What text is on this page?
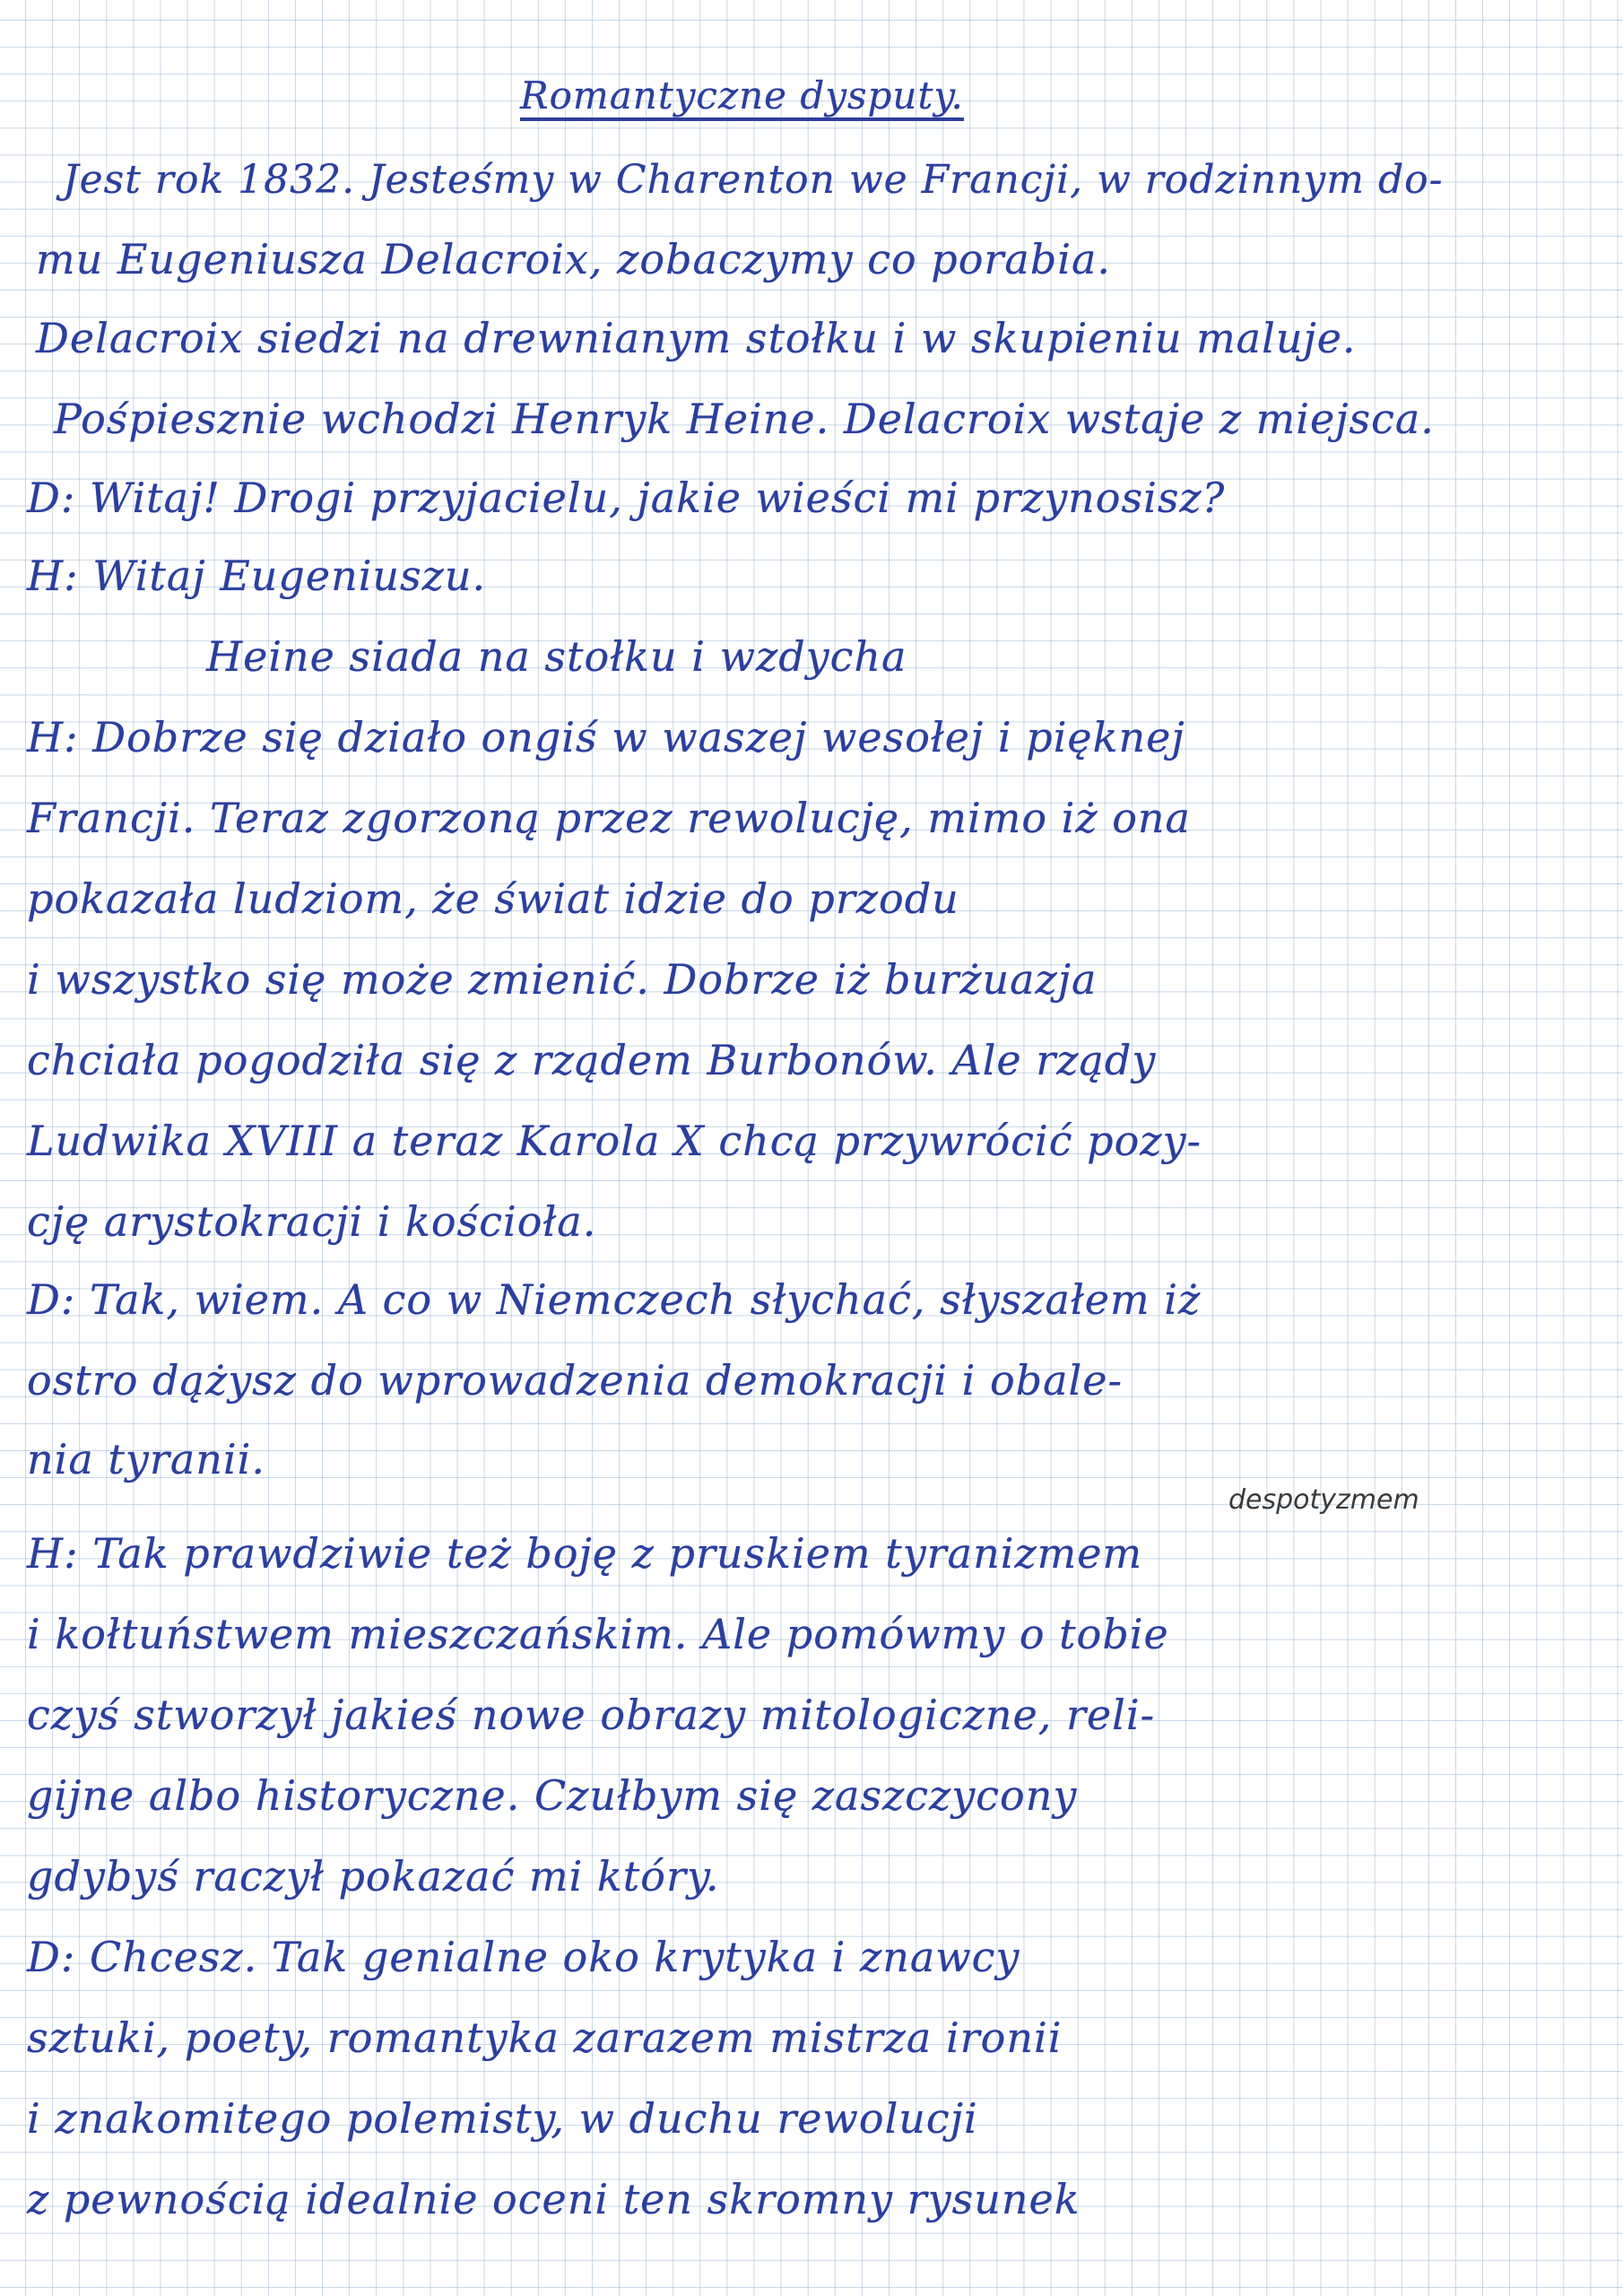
Romantyczne dysputy.
despotyzmem
Jest rok 1832. Jesteśmy w Charenton we Francji, w rodzinnym do-
mu Eugeniusza Delacroix, zobaczymy co porabia.
Delacroix siedzi na drewnianym stołku i w skupieniu maluje.
Pośpiesznie wchodzi Henryk Heine. Delacroix wstaje z miejsca.
D: Witaj! Drogi przyjacielu, jakie wieści mi przynosisz?
H: Witaj Eugeniuszu.
Heine siada na stołku i wzdycha
H: Dobrze się działo ongiś w waszej wesołej i pięknej
Francji. Teraz zgorzoną przez rewolucję, mimo iż ona
pokazała ludziom, że świat idzie do przodu
i wszystko się może zmienić. Dobrze iż burżuazja
chciała pogodziła się z rządem Burbonów. Ale rządy
Ludwika XVIII a teraz Karola X chcą przywrócić pozy-
cję arystokracji i kościoła.
D: Tak, wiem. A co w Niemczech słychać, słyszałem iż
ostro dążysz do wprowadzenia demokracji i obale-
nia tyranii.
H: Tak prawdziwie też boję z pruskiem tyranizmem
i kołtuństwem mieszczańskim. Ale pomówmy o tobie
czyś stworzył jakieś nowe obrazy mitologiczne, reli-
gijne albo historyczne. Czułbym się zaszczycony
gdybyś raczył pokazać mi który.
D: Chcesz. Tak genialne oko krytyka i znawcy
sztuki, poety, romantyka zarazem mistrza ironii
i znakomitego polemisty, w duchu rewolucji
z pewnością idealnie oceni ten skromny rysunek
